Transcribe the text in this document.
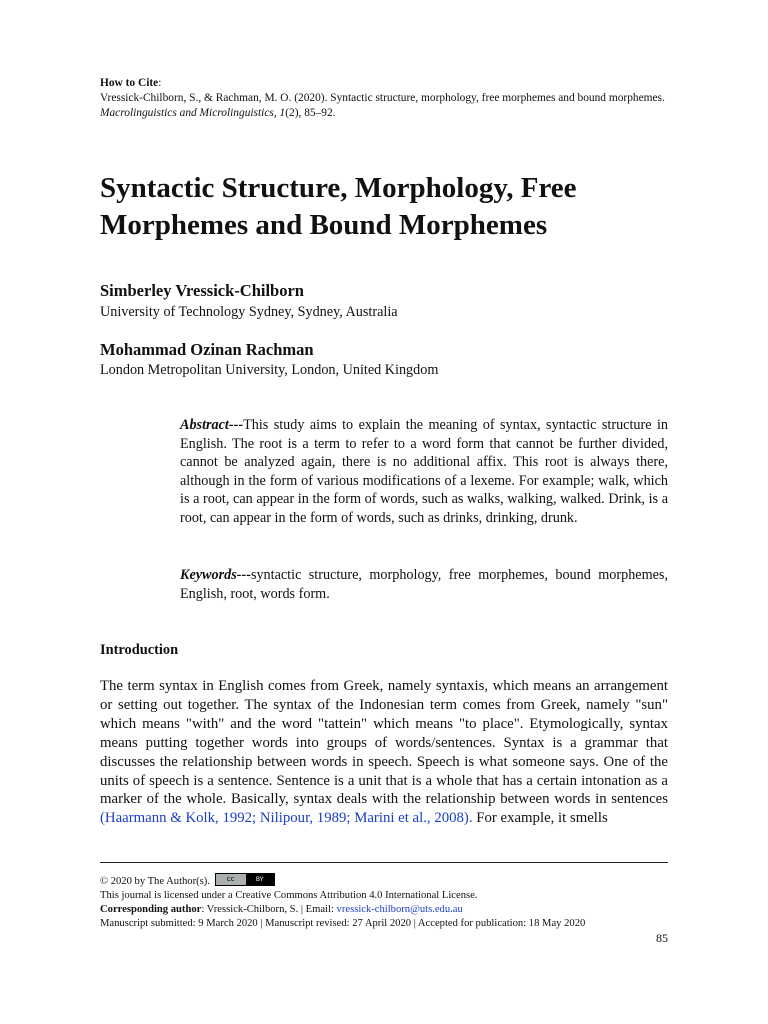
How to Cite:
Vressick-Chilborn, S., & Rachman, M. O. (2020). Syntactic structure, morphology, free morphemes and bound morphemes. Macrolinguistics and Microlinguistics, 1(2), 85–92.
Syntactic Structure, Morphology, Free Morphemes and Bound Morphemes
Simberley Vressick-Chilborn
University of Technology Sydney, Sydney, Australia
Mohammad Ozinan Rachman
London Metropolitan University, London, United Kingdom
Abstract---This study aims to explain the meaning of syntax, syntactic structure in English. The root is a term to refer to a word form that cannot be further divided, cannot be analyzed again, there is no additional affix. This root is always there, although in the form of various modifications of a lexeme. For example; walk, which is a root, can appear in the form of words, such as walks, walking, walked. Drink, is a root, can appear in the form of words, such as drinks, drinking, drunk.
Keywords---syntactic structure, morphology, free morphemes, bound morphemes, English, root, words form.
Introduction
The term syntax in English comes from Greek, namely syntaxis, which means an arrangement or setting out together. The syntax of the Indonesian term comes from Greek, namely "sun" which means "with" and the word "tattein" which means "to place". Etymologically, syntax means putting together words into groups of words/sentences. Syntax is a grammar that discusses the relationship between words in speech. Speech is what someone says. One of the units of speech is a sentence. Sentence is a unit that is a whole that has a certain intonation as a marker of the whole. Basically, syntax deals with the relationship between words in sentences (Haarmann & Kolk, 1992; Nilipour, 1989; Marini et al., 2008). For example, it smells
© 2020 by The Author(s).	cc	BY
This journal is licensed under a Creative Commons Attribution 4.0 International License.
Corresponding author: Vressick-Chilborn, S. | Email: vressick-chilborn@uts.edu.au
Manuscript submitted: 9 March 2020 | Manuscript revised: 27 April 2020 | Accepted for publication: 18 May 2020
85
